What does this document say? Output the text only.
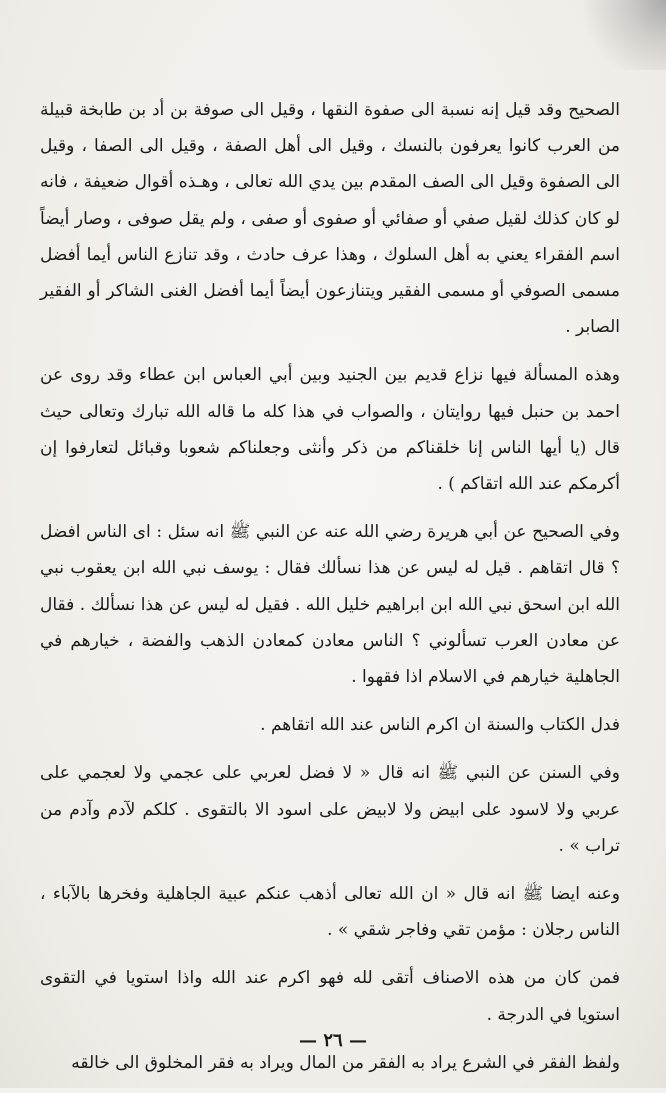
الصحيح وقد قيل إنه نسبة الى صفوة النقها ، وقيل الى صوفة بن أد بن طابخة قبيلة من العرب كانوا يعرفون بالنسك ، وقيل الى أهل الصفة ، وقيل الى الصفا ، وقيل الى الصفوة وقيل الى الصف المقدم بين يدي الله تعالى ، وهـذه أقوال ضعيفة ، فانه لو كان كذلك لقيل صفي أو صفائي أو صفوى أو صفى ، ولم يقل صوفى ، وصار أيضاً اسم الفقراء يعني به أهل السلوك ، وهذا عرف حادث ، وقد تنازع الناس أيما أفضل مسمى الصوفي أو مسمى الفقير ويتنازعون أيضاً أيما أفضل الغنى الشاكر أو الفقير الصابر .

وهذه المسألة فيها نزاع قديم بين الجنيد وبين أبي العباس ابن عطاء وقد روى عن احمد بن حنبل فيها روايتان ، والصواب في هذا كله ما قاله الله تبارك وتعالى حيث قال (يا أيها الناس إنا خلقناكم من ذكر وأنثى وجعلناكم شعوبا وقبائل لتعارفوا إن أكرمكم عند الله اتقاكم ) .

وفي الصحيح عن أبي هريرة رضي الله عنه عن النبي ﷺ انه سئل : اى الناس افضل ؟ قال اتقاهم . قيل له ليس عن هذا نسألك فقال : يوسف نبي الله ابن يعقوب نبي الله ابن اسحق نبي الله ابن ابراهيم خليل الله . فقيل له ليس عن هذا نسألك . فقال عن معادن العرب تسألوني ؟ الناس معادن كمعادن الذهب والفضة ، خيارهم في الجاهلية خيارهم في الاسلام اذا فقهوا .

فدل الكتاب والسنة ان اكرم الناس عند الله اتقاهم .

وفي السنن عن النبي ﷺ انه قال « لا فضل لعربي على عجمي ولا لعجمي على عربي ولا لاسود على ابيض ولا لابيض على اسود الا بالتقوى . كلكم لآدم وآدم من تراب » .

وعنه ايضا ﷺ انه قال « ان الله تعالى أذهب عنكم عبية الجاهلية وفخرها بالآباء ، الناس رجلان : مؤمن تقي وفاجر شقي » .

فمن كان من هذه الاصناف أتقى لله فهو اكرم عند الله واذا استويا في التقوى استويا في الدرجة .

ولفظ الفقر في الشرع يراد به الفقر من المال ويراد به فقر المخلوق الى خالقه

— ٢٦ —
